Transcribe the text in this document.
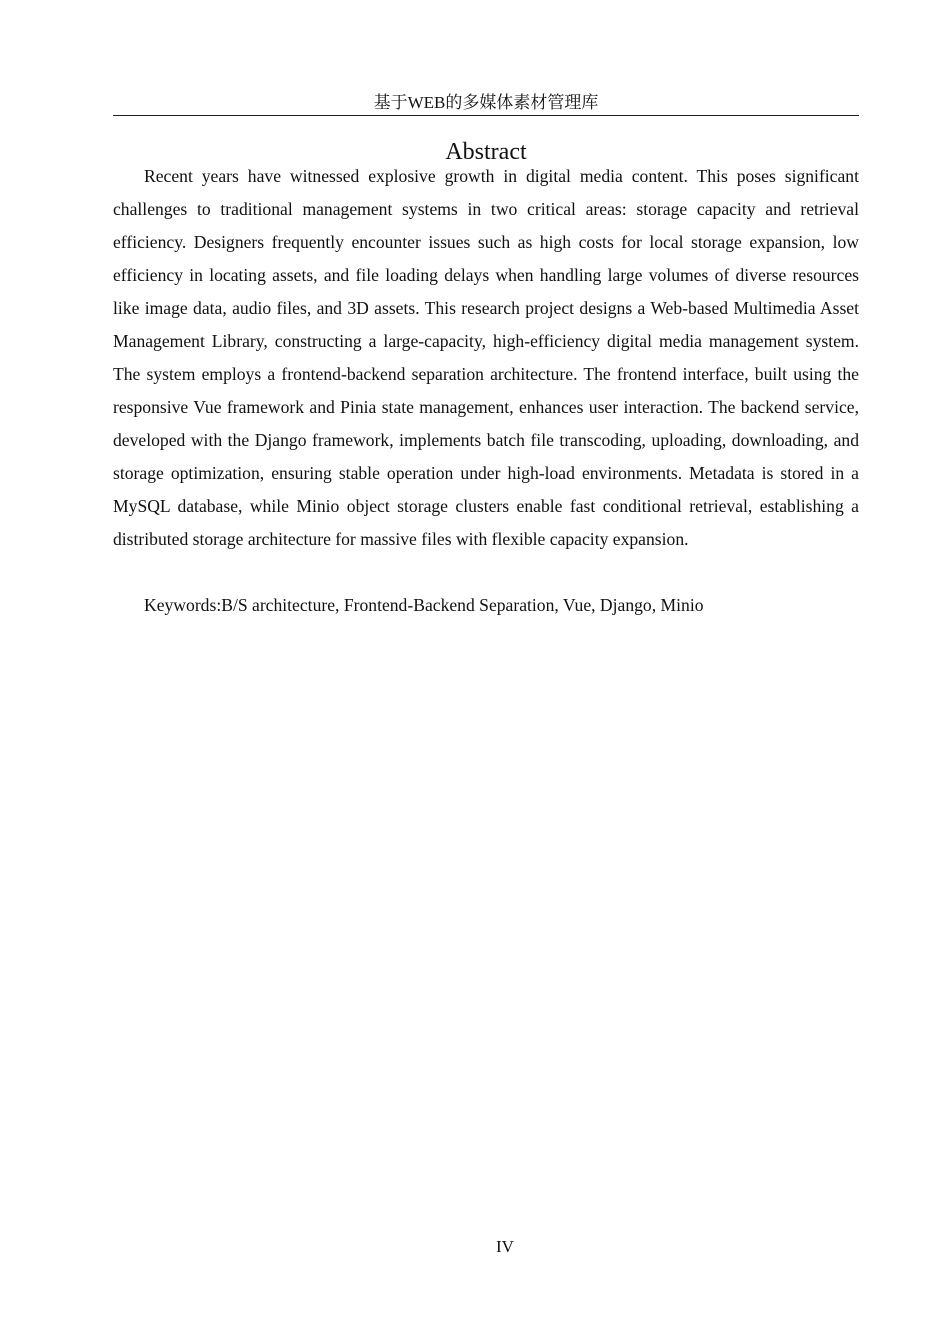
基于WEB的多媒体素材管理库
Abstract

Recent years have witnessed explosive growth in digital media content. This poses significant challenges to traditional management systems in two critical areas: storage capacity and retrieval efficiency. Designers frequently encounter issues such as high costs for local storage expansion, low efficiency in locating assets, and file loading delays when handling large volumes of diverse resources like image data, audio files, and 3D assets. This research project designs a Web-based Multimedia Asset Management Library, constructing a large-capacity, high-efficiency digital media management system. The system employs a frontend-backend separation architecture. The frontend interface, built using the responsive Vue framework and Pinia state management, enhances user interaction. The backend service, developed with the Django framework, implements batch file transcoding, uploading, downloading, and storage optimization, ensuring stable operation under high-load environments. Metadata is stored in a MySQL database, while Minio object storage clusters enable fast conditional retrieval, establishing a distributed storage architecture for massive files with flexible capacity expansion.

Keywords:B/S architecture, Frontend-Backend Separation, Vue, Django, Minio
IV
